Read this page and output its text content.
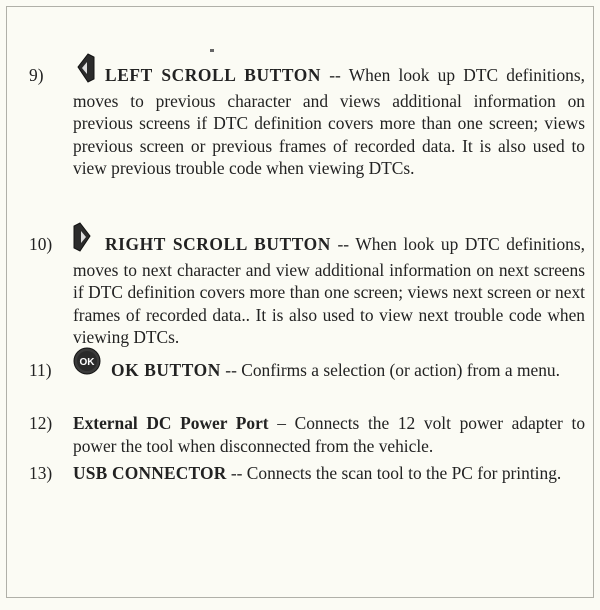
9)	LEFT SCROLL BUTTON -- When look up DTC definitions, moves to previous character and views additional information on previous screens if DTC definition covers more than one screen; views previous screen or previous frames of recorded data. It is also used to view previous trouble code when viewing DTCs.
10)	RIGHT SCROLL BUTTON -- When look up DTC definitions, moves to next character and view additional information on next screens if DTC definition covers more than one screen; views next screen or next frames of recorded data.. It is also used to view next trouble code when viewing DTCs.
11)	OK OK BUTTON -- Confirms a selection (or action) from a menu.
12) External DC Power Port – Connects the 12 volt power adapter to power the tool when disconnected from the vehicle.
13) USB CONNECTOR -- Connects the scan tool to the PC for printing.
